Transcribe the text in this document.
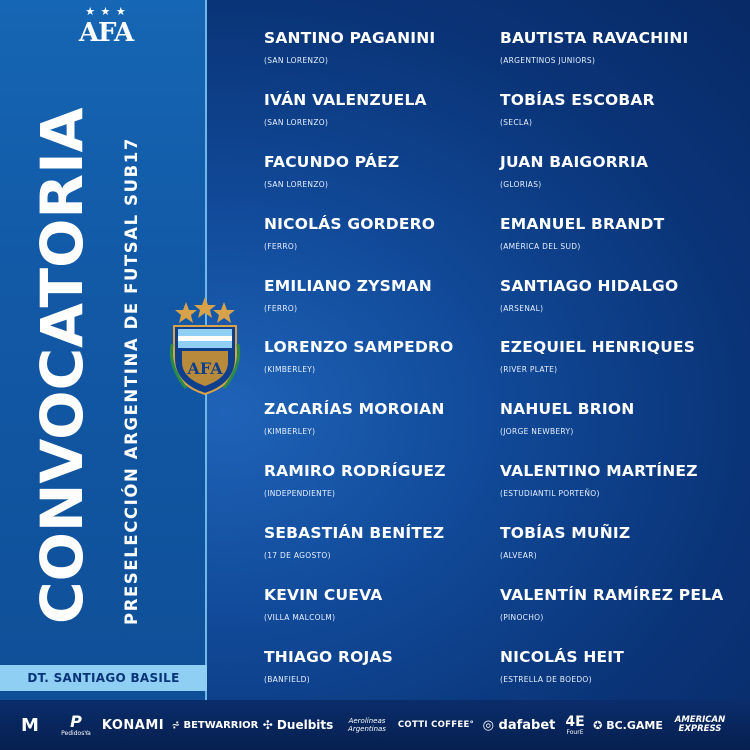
★ ★ ★
AFA
CONVOCATORIA PRESELECCIÓN ARGENTINA DE FUTSAL SUB17
DT. SANTIAGO BASILE
AFA
SANTINO PAGANINI
(SAN LORENZO)
IVÁN VALENZUELA
(SAN LORENZO)
FACUNDO PÁEZ
(SAN LORENZO)
NICOLÁS GORDERO
(FERRO)
EMILIANO ZYSMAN
(FERRO)
LORENZO SAMPEDRO
(KIMBERLEY)
ZACARÍAS MOROIAN
(KIMBERLEY)
RAMIRO RODRÍGUEZ
(INDEPENDIENTE)
SEBASTIÁN BENÍTEZ
(17 DE AGOSTO)
KEVIN CUEVA
(VILLA MALCOLM)
THIAGO ROJAS
(BANFIELD)
BAUTISTA RAVACHINI
(ARGENTINOS JUNIORS)
TOBÍAS ESCOBAR
(SECLA)
JUAN BAIGORRIA
(GLORIAS)
EMANUEL BRANDT
(AMÉRICA DEL SUD)
SANTIAGO HIDALGO
(ARSENAL)
EZEQUIEL HENRIQUES
(RIVER PLATE)
NAHUEL BRION
(JORGE NEWBERY)
VALENTINO MARTÍNEZ
(ESTUDIANTIL PORTEÑO)
TOBÍAS MUÑIZ
(ALVEAR)
VALENTÍN RAMÍREZ PELA
(PINOCHO)
NICOLÁS HEIT
(ESTRELLA DE BOEDO)
M P
PedidosYa
KONAMI ⩫ BETWARRIOR ✣ Duelbits Aerolíneas
Argentinas COTTI COFFEE° ◎ dafabet 4E
FourE
✪ BC.GAME AMERICAN
EXPRESS
